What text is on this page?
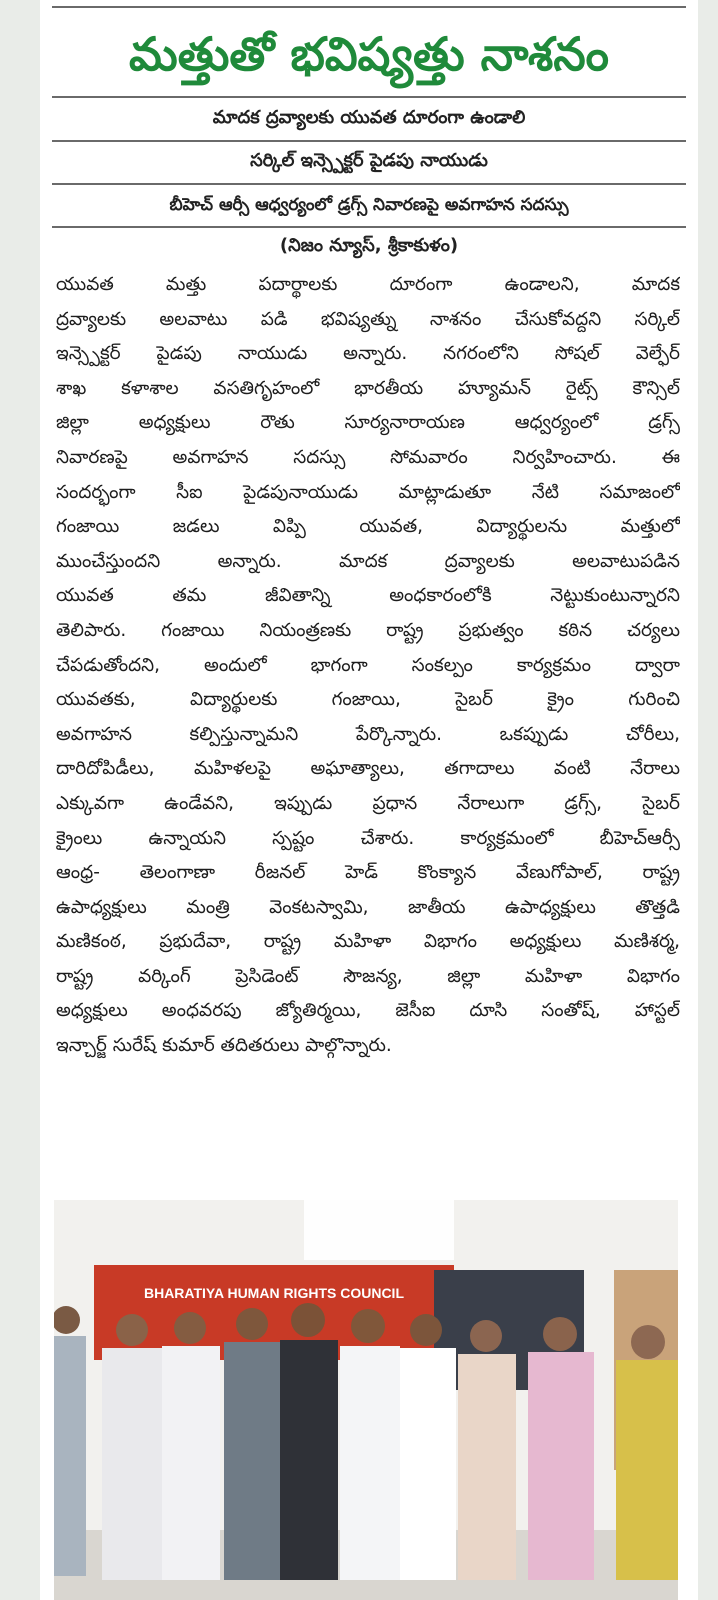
మత్తుతో భవిష్యత్తు నాశనం
మాదక ద్రవ్యాలకు యువత దూరంగా ఉండాలి
సర్కిల్ ఇన్స్పెక్టర్ పైడపు నాయుడు
బీహెచ్ ఆర్సీ ఆధ్వర్యంలో డ్రగ్స్ నివారణపై అవగాహన సదస్సు
(నిజం న్యూస్, శ్రీకాకుళం)
యువత మత్తు పదార్థాలకు దూరంగా ఉండాలని, మాదక
ద్రవ్యాలకు అలవాటు పడి భవిష్యత్ను నాశనం చేసుకోవద్దని సర్కిల్
ఇన్స్పెక్టర్ పైడపు నాయుడు అన్నారు. నగరంలోని సోషల్ వెల్ఫేర్
శాఖ కళాశాల వసతిగృహంలో భారతీయ హ్యూమన్ రైట్స్ కౌన్సిల్
జిల్లా అధ్యక్షులు రౌతు సూర్యనారాయణ ఆధ్వర్యంలో డ్రగ్స్
నివారణపై అవగాహన సదస్సు సోమవారం నిర్వహించారు. ఈ
సందర్భంగా సీఐ పైడపునాయుడు మాట్లాడుతూ నేటి సమాజంలో
గంజాయి జడలు విప్పి యువత, విద్యార్థులను మత్తులో
ముంచేస్తుందని అన్నారు. మాదక ద్రవ్యాలకు అలవాటుపడిన
యువత తమ జీవితాన్ని అంధకారంలోకి నెట్టుకుంటున్నారని
తెలిపారు. గంజాయి నియంత్రణకు రాష్ట్ర ప్రభుత్వం కఠిన చర్యలు
చేపడుతోందని, అందులో భాగంగా సంకల్పం కార్యక్రమం ద్వారా
యువతకు, విద్యార్థులకు గంజాయి, సైబర్ క్రైం గురించి
అవగాహన కల్పిస్తున్నామని పేర్కొన్నారు. ఒకప్పుడు చోరీలు,
దారిదోపిడీలు, మహిళలపై అఘాత్యాలు, తగాదాలు వంటి నేరాలు
ఎక్కువగా ఉండేవని, ఇప్పుడు ప్రధాన నేరాలుగా డ్రగ్స్, సైబర్
క్రైంలు ఉన్నాయని స్పష్టం చేశారు. కార్యక్రమంలో బీహెచ్ఆర్సీ
ఆంధ్ర- తెలంగాణా రీజనల్ హెడ్ కొంక్యాన వేణుగోపాల్, రాష్ట్ర
ఉపాధ్యక్షులు మంత్రి వెంకటస్వామి, జాతీయ ఉపాధ్యక్షులు తొత్తడి
మణికంఠ, ప్రభుదేవా, రాష్ట్ర మహిళా విభాగం అధ్యక్షులు మణిశర్మ,
రాష్ట్ర వర్కింగ్ ప్రెసిడెంట్ సౌజన్య, జిల్లా మహిళా విభాగం
అధ్యక్షులు అంధవరపు జ్యోతిర్మయి, జెసీఐ దూసి సంతోష్, హాస్టల్
ఇన్చార్జ్ సురేష్ కుమార్ తదితరులు పాల్గొన్నారు.
BHARATIYA HUMAN RIGHTS COUNCIL
